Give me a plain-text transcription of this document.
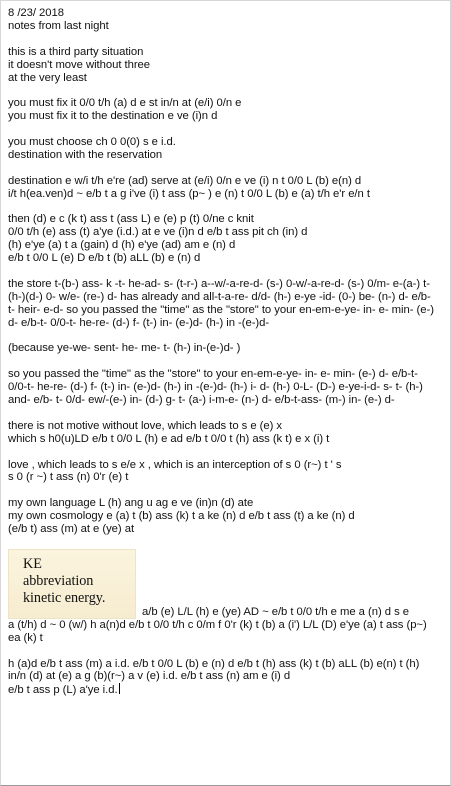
8 /23/ 2018
notes from last night
this is a third party situation
it doesn't move without three
at the very least
you must fix it 0/0 t/h (a) d e st in/n at (e/i) 0/n e
you must fix it to the destination e ve (i)n d
you must choose ch 0 0(0) s e i.d.
destination with the reservation
destination e w/i t/h e're (ad) serve at (e/i) 0/n e ve (i) n t 0/0 L (b) e(n) d
i/t h(ea.ven)d ~ e/b t a g i've (i) t ass (p~ ) e (n) t 0/0 L (b) e (a) t/h e'r e/n t
then (d) e c (k t) ass t (ass L) e (e) p (t) 0/ne c knit
0/0 t/h (e) ass (t) a'ye (i.d.) at e ve (i)n d e/b t ass pit ch (in) d
(h) e'ye (a) t a (gain) d (h) e'ye (ad) am e (n) d
e/b t 0/0 L (e) D e/b t (b) aLL (b) e (n) d
the store t-(b-) ass- k -t- he-ad- s- (t-r-) a--w/-a-re-d- (s-) 0-w/-a-re-d- (s-) 0/m- e-(a-) t- (h-)(d-) 0- w/e- (re-) d- has already and all-t-a-re- d/d- (h-) e-ye -id- (0-) be- (n-) d- e/b- t- heir- e-d- so you passed the "time" as the "store" to your en-em-e-ye- in- e- min- (e-) d- e/b-t- 0/0-t- he-re- (d-) f- (t-) in- (e-)d- (h-) in -(e-)d-
(because ye-we- sent- he- me- t- (h-) in-(e-)d- )
so you passed the "time" as the "store" to your en-em-e-ye- in- e- min- (e-) d- e/b-t- 0/0-t- he-re- (d-) f- (t-) in- (e-)d- (h-) in -(e-)d- (h-) i- d- (h-) 0-L- (D-) e-ye-i-d- s- t- (h-) and- e/b- t- 0/d- ew/-(e-) in- (d-) g- t- (a-) i-m-e- (n-) d- e/b-t-ass- (m-) in- (e-) d-
there is not motive without love, which leads to s e (e) x
which s h0(u)LD e/b t 0/0 L (h) e ad e/b t 0/0 t (h) ass (k t) e x (i) t
love , which leads to s e/e x , which is an interception of s 0 (r~) t ' s
s 0 (r ~) t ass (n) 0'r (e) t
my own language L (h) ang u ag e ve (in)n (d) ate
my own cosmology e (a) t (b) ass (k) t a ke (n) d e/b t ass (t) a ke (n) d
(e/b t) ass (m) at e (ye) at
KE
abbreviation
kinetic energy.
a/b (e) L/L (h) e (ye) AD ~ e/b t 0/0 t/h e me a (n) d s e
a (t/h) d ~ 0 (w/) h a(n)d e/b t 0/0 t/h c 0/m f 0'r (k) t (b) a (i') L/L (D) e'ye (a) t ass (p~) ea (k) t
h (a)d e/b t ass (m) a i.d. e/b t 0/0 L (b) e (n) d e/b t (h) ass (k) t (b) aLL (b) e(n) t (h) in/n (d) at (e) a g (b)(r~) a v (e) i.d. e/b t ass (n) am e (i) d
e/b t ass p (L) a'ye i.d.
